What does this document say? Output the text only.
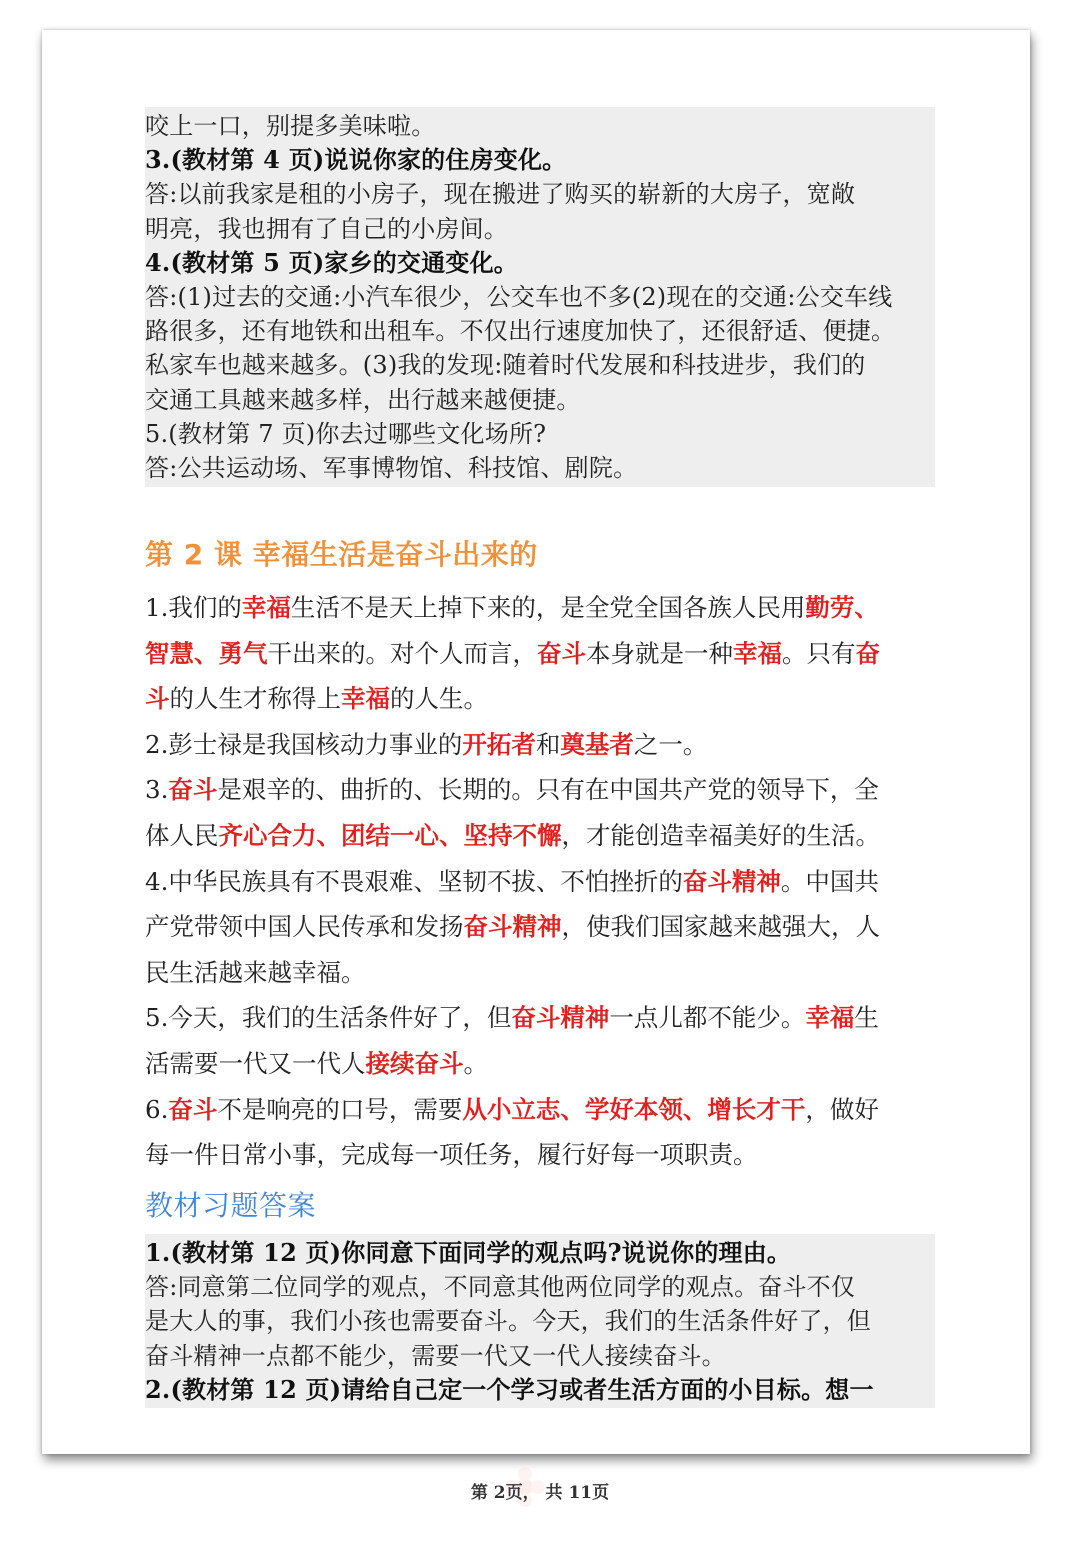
咬上一口，别提多美味啦。
3.(教材第 4 页)说说你家的住房变化。
答:以前我家是租的小房子，现在搬进了购买的崭新的大房子，宽敞
明亮，我也拥有了自己的小房间。
4.(教材第 5 页)家乡的交通变化。
答:(1)过去的交通:小汽车很少，公交车也不多(2)现在的交通:公交车线
路很多，还有地铁和出租车。不仅出行速度加快了，还很舒适、便捷。
私家车也越来越多。(3)我的发现:随着时代发展和科技进步，我们的
交通工具越来越多样，出行越来越便捷。
5.(教材第 7 页)你去过哪些文化场所?
答:公共运动场、军事博物馆、科技馆、剧院。
第 2 课 幸福生活是奋斗出来的
1.我们的幸福生活不是天上掉下来的，是全党全国各族人民用勤劳、
智慧、勇气干出来的。对个人而言，奋斗本身就是一种幸福。只有奋
斗的人生才称得上幸福的人生。
2.彭士禄是我国核动力事业的开拓者和奠基者之一。
3.奋斗是艰辛的、曲折的、长期的。只有在中国共产党的领导下，全
体人民齐心合力、团结一心、坚持不懈，才能创造幸福美好的生活。
4.中华民族具有不畏艰难、坚韧不拔、不怕挫折的奋斗精神。中国共
产党带领中国人民传承和发扬奋斗精神，使我们国家越来越强大，人
民生活越来越幸福。
5.今天，我们的生活条件好了，但奋斗精神一点儿都不能少。幸福生
活需要一代又一代人接续奋斗。
6.奋斗不是响亮的口号，需要从小立志、学好本领、增长才干，做好
每一件日常小事，完成每一项任务，履行好每一项职责。
教材习题答案
1.(教材第 12 页)你同意下面同学的观点吗?说说你的理由。
答:同意第二位同学的观点，不同意其他两位同学的观点。奋斗不仅
是大人的事，我们小孩也需要奋斗。今天，我们的生活条件好了，但
奋斗精神一点都不能少，需要一代又一代人接续奋斗。
2.(教材第 12 页)请给自己定一个学习或者生活方面的小目标。想一
第 2页， 共 11页
